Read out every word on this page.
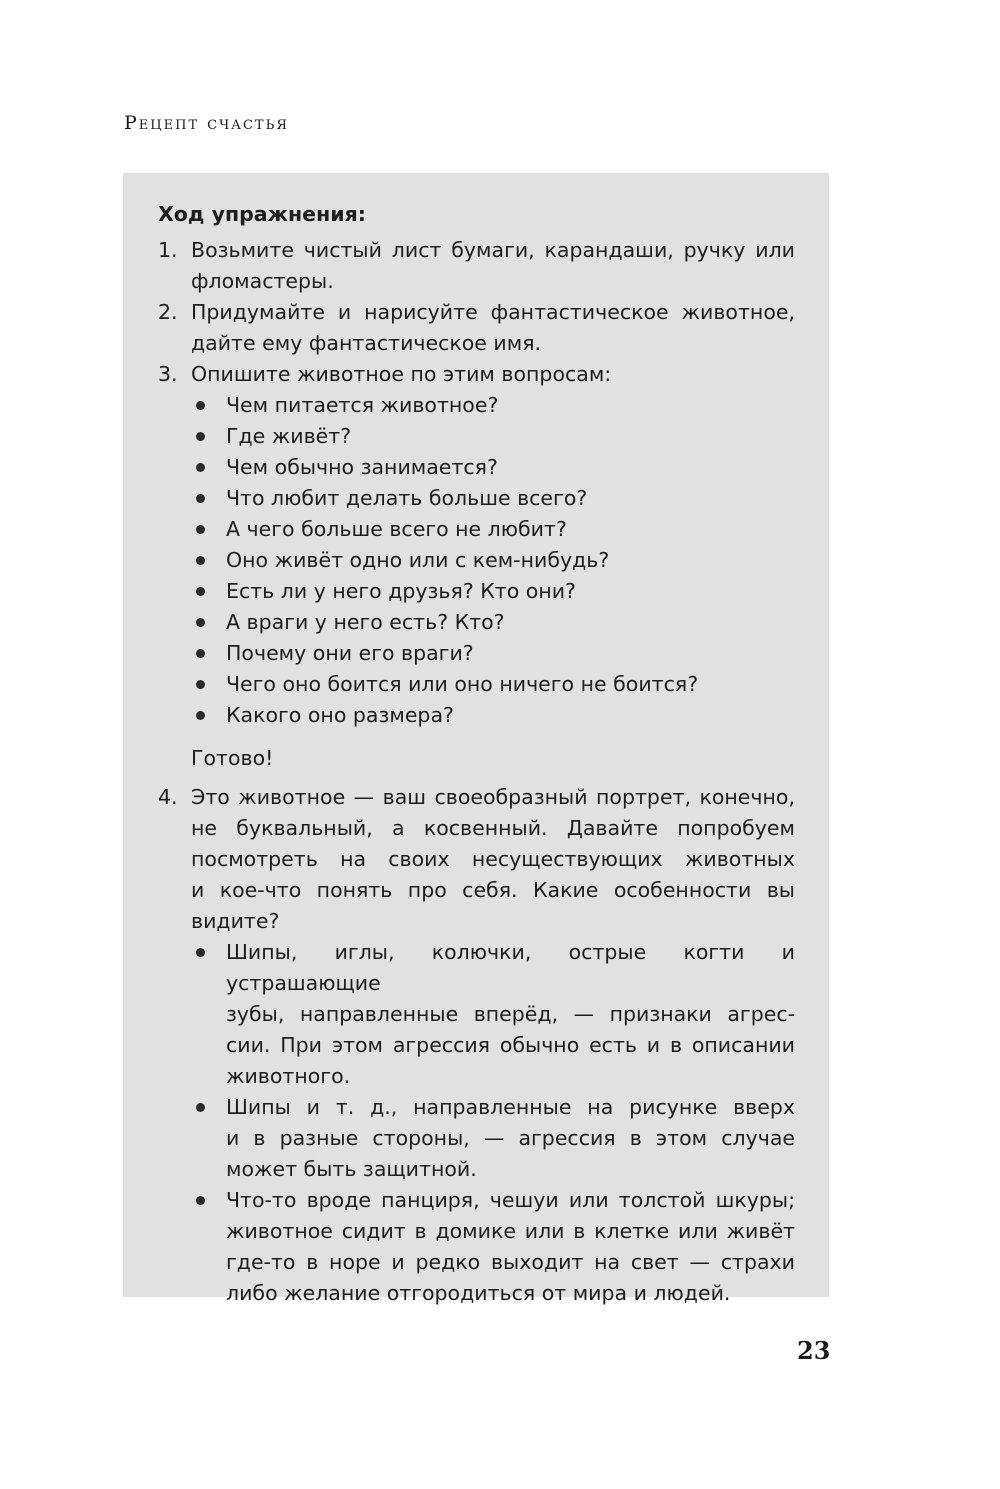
Рецепт счастья
Ход упражнения:
1. Возьмите чистый лист бумаги, карандаши, ручку или
фломастеры.
2. Придумайте и нарисуйте фантастическое животное,
дайте ему фантастическое имя.
3. Опишите животное по этим вопросам:
Чем питается животное?
Где живёт?
Чем обычно занимается?
Что любит делать больше всего?
А чего больше всего не любит?
Оно живёт одно или с кем-нибудь?
Есть ли у него друзья? Кто они?
А враги у него есть? Кто?
Почему они его враги?
Чего оно боится или оно ничего не боится?
Какого оно размера?
Готово!
4. Это животное — ваш своеобразный портрет, конечно,
не буквальный, а косвенный. Давайте попробуем
посмотреть на своих несуществующих животных
и кое-что понять про себя. Какие особенности вы
видите?
Шипы, иглы, колючки, острые когти и устрашающие
зубы, направленные вперёд, — признаки агрес-
сии. При этом агрессия обычно есть и в описании
животного.
Шипы и т. д., направленные на рисунке вверх
и в разные стороны, — агрессия в этом случае
может быть защитной.
Что-то вроде панциря, чешуи или толстой шкуры;
животное сидит в домике или в клетке или живёт
где-то в норе и редко выходит на свет — страхи
либо желание отгородиться от мира и людей.
23
